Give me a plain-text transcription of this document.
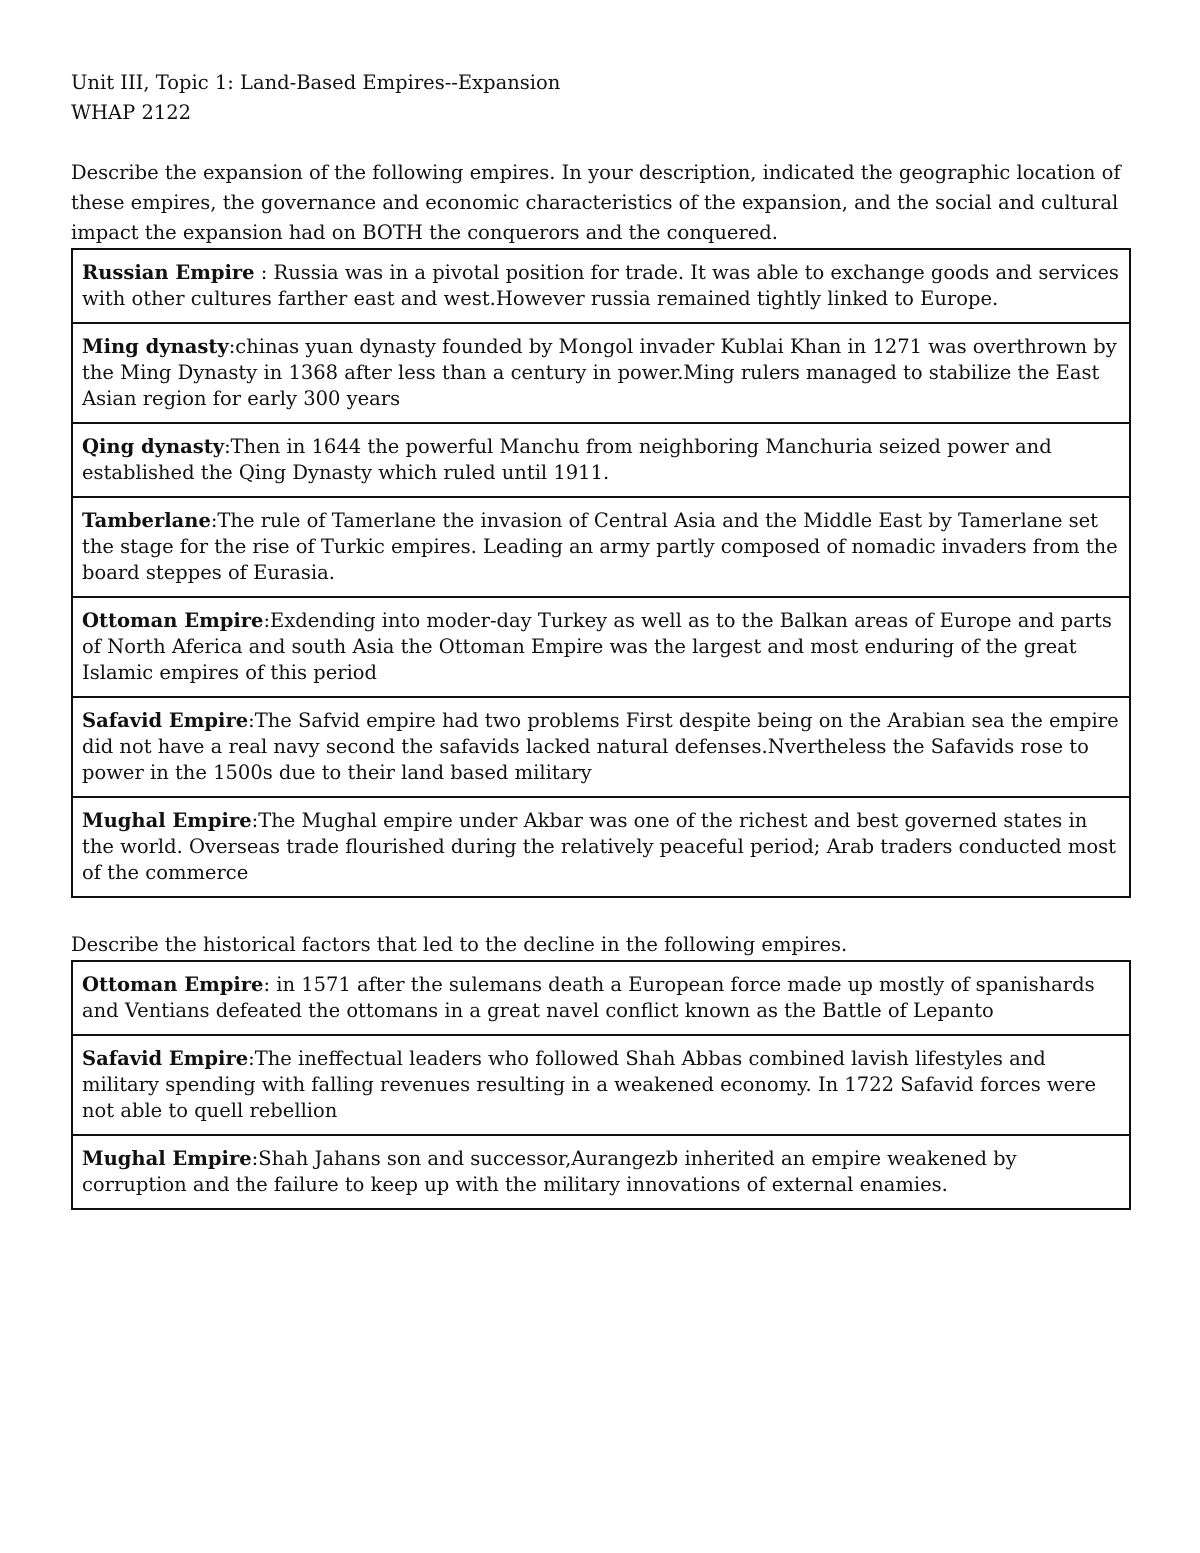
Unit III, Topic 1: Land-Based Empires--Expansion
WHAP 2122

Describe the expansion of the following empires. In your description, indicated the geographic location of these empires, the governance and economic characteristics of the expansion, and the social and cultural impact the expansion had on BOTH the conquerors and the conquered.

Russian Empire : Russia was in a pivotal position for trade. It was able to exchange goods and services with other cultures farther east and west.However russia remained tightly linked to Europe.
Ming dynasty:chinas yuan dynasty founded by Mongol invader Kublai Khan in 1271 was overthrown by the Ming Dynasty in 1368 after less than a century in power.Ming rulers managed to stabilize the East Asian region for early 300 years
Qing dynasty:Then in 1644 the powerful Manchu from neighboring Manchuria seized power and established the Qing Dynasty which ruled until 1911.
Tamberlane:The rule of Tamerlane the invasion of Central Asia and the Middle East by Tamerlane set the stage for the rise of Turkic empires. Leading an army partly composed of nomadic invaders from the board steppes of Eurasia.
Ottoman Empire:Exdending into moder-day Turkey as well as to the Balkan areas of Europe and parts of North Aferica and south Asia the Ottoman Empire was the largest and most enduring of the great Islamic empires of this period
Safavid Empire:The Safvid empire had two problems First despite being on the Arabian sea the empire did not have a real navy second the safavids lacked natural defenses.Nvertheless the Safavids rose to power in the 1500s due to their land based military
Mughal Empire:The Mughal empire under Akbar was one of the richest and best governed states in the world. Overseas trade flourished during the relatively peaceful period; Arab traders conducted most of the commerce

Describe the historical factors that led to the decline in the following empires.

Ottoman Empire: in 1571 after the sulemans death a European force made up mostly of spanishards and Ventians defeated the ottomans in a great navel conflict known as the Battle of Lepanto
Safavid Empire:The ineffectual leaders who followed Shah Abbas combined lavish lifestyles and military spending with falling revenues resulting in a weakened economy. In 1722 Safavid forces were not able to quell rebellion
Mughal Empire:Shah Jahans son and successor,Aurangezb inherited an empire weakened by corruption and the failure to keep up with the military innovations of external enamies.
